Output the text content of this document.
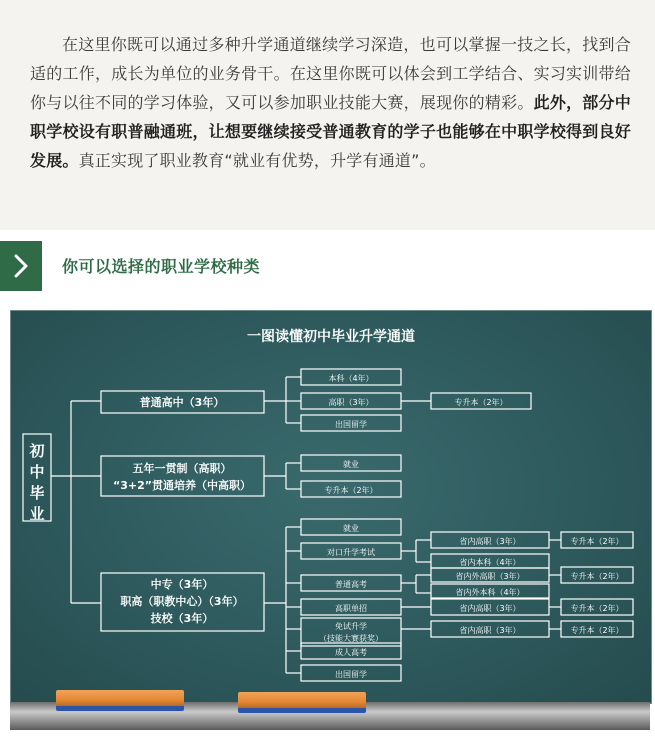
在这里你既可以通过多种升学通道继续学习深造，也可以掌握一技之长，找到合适的工作，成长为单位的业务骨干。在这里你既可以体会到工学结合、实习实训带给你与以往不同的学习体验，又可以参加职业技能大赛，展现你的精彩。此外，部分中职学校设有职普融通班，让想要继续接受普通教育的学子也能够在中职学校得到良好发展。真正实现了职业教育“就业有优势，升学有通道”。

你可以选择的职业学校种类
一图读懂初中毕业升学通道
初
中
毕
业
普通高中（3年）
本科（4年）
高职（3年）
出国留学
专升本（2年）
五年一贯制（高职）
“3+2”贯通培养（中高职）
就业
专升本（2年）
中专（3年）
职高（职教中心）（3年）
技校（3年）
就业
对口升学考试
普通高考
高职单招
免试升学
（技能大赛获奖）
成人高考
出国留学
省内高职（3年）
省内本科（4年）
省内外高职（3年）
省内外本科（4年）
省内高职（3年）
省内高职（3年）
专升本（2年）
专升本（2年）
专升本（2年）
专升本（2年）
